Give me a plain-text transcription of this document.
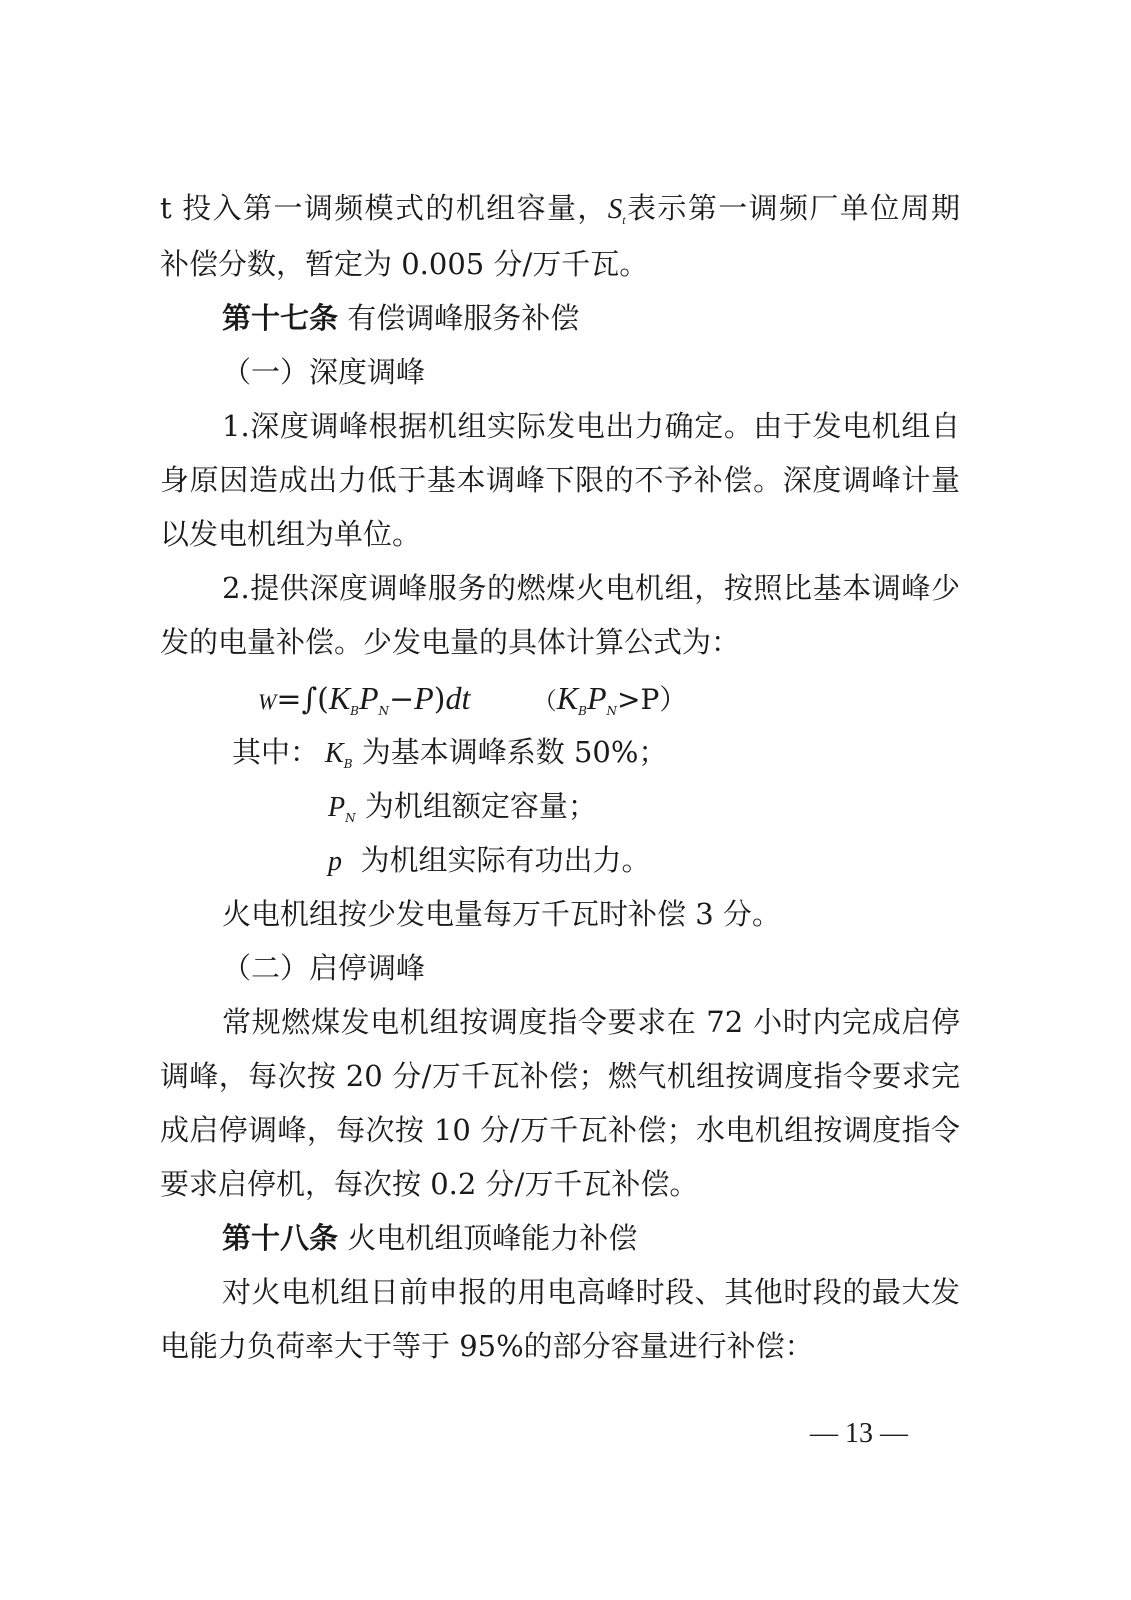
t 投入第一调频模式的机组容量，$S_t$表示第一调频厂单位周期
补偿分数，暂定为 0.005 分/万千瓦。
第十七条 有偿调峰服务补偿
（一）深度调峰
1.深度调峰根据机组实际发电出力确定。由于发电机组自
身原因造成出力低于基本调峰下限的不予补偿。深度调峰计量
以发电机组为单位。
2.提供深度调峰服务的燃煤火电机组，按照比基本调峰少
发的电量补偿。少发电量的具体计算公式为：
$W=\int(K_BP_N-P)dt$	$(K_BP_N>P)$
其中： $K_B$ 为基本调峰系数 50%；
$P_N$ 为机组额定容量；
p 为机组实际有功出力。
火电机组按少发电量每万千瓦时补偿 3 分。
（二）启停调峰
常规燃煤发电机组按调度指令要求在 72 小时内完成启停
调峰，每次按 20 分/万千瓦补偿；燃气机组按调度指令要求完
成启停调峰，每次按 10 分/万千瓦补偿；水电机组按调度指令
要求启停机，每次按 0.2 分/万千瓦补偿。
第十八条 火电机组顶峰能力补偿
对火电机组日前申报的用电高峰时段、其他时段的最大发
电能力负荷率大于等于 95%的部分容量进行补偿：
— 13 —
